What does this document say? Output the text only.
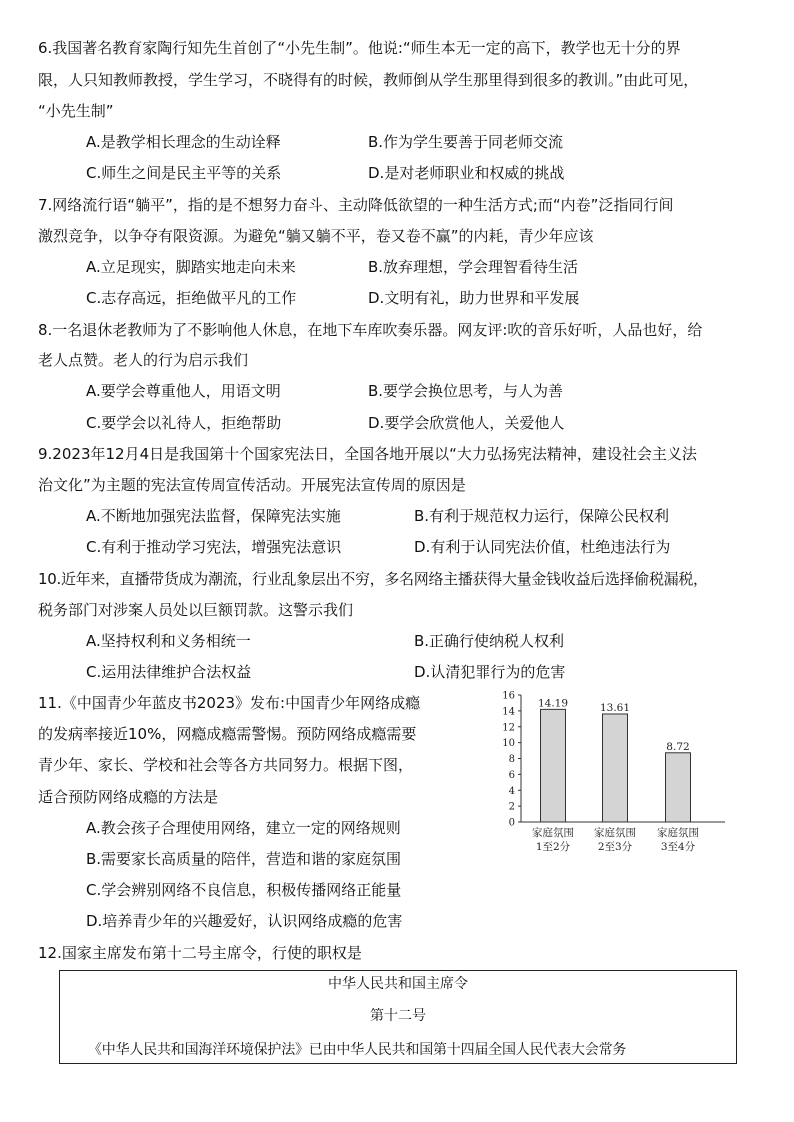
6.我国著名教育家陶行知先生首创了“小先生制”。他说:“师生本无一定的高下，教学也无十分的界
限，人只知教师教授，学生学习，不晓得有的时候，教师倒从学生那里得到很多的教训。”由此可见，
“小先生制”
A.是教学相长理念的生动诠释	B.作为学生要善于同老师交流
C.师生之间是民主平等的关系	D.是对老师职业和权威的挑战
7.网络流行语“躺平”，指的是不想努力奋斗、主动降低欲望的一种生活方式;而“内卷”泛指同行间
激烈竞争，以争夺有限资源。为避免“躺又躺不平，卷又卷不赢”的内耗，青少年应该
A.立足现实，脚踏实地走向未来	B.放弃理想，学会理智看待生活
C.志存高远，拒绝做平凡的工作	D.文明有礼，助力世界和平发展
8.一名退休老教师为了不影响他人休息，在地下车库吹奏乐器。网友评:吹的音乐好听，人品也好，给
老人点赞。老人的行为启示我们
A.要学会尊重他人，用语文明	B.要学会换位思考，与人为善
C.要学会以礼待人，拒绝帮助	D.要学会欣赏他人，关爱他人
9.2023年12月4日是我国第十个国家宪法日，全国各地开展以“大力弘扬宪法精神，建设社会主义法
治文化”为主题的宪法宣传周宣传活动。开展宪法宣传周的原因是
A.不断地加强宪法监督，保障宪法实施	B.有利于规范权力运行，保障公民权利
C.有利于推动学习宪法，增强宪法意识	D.有利于认同宪法价值，杜绝违法行为
10.近年来，直播带货成为潮流，行业乱象层出不穷，多名网络主播获得大量金钱收益后选择偷税漏税，
税务部门对涉案人员处以巨额罚款。这警示我们
A.坚持权利和义务相统一	B.正确行使纳税人权利
C.运用法律维护合法权益	D.认清犯罪行为的危害
11.《中国青少年蓝皮书2023》发布:中国青少年网络成瘾
的发病率接近10%，网瘾成瘾需警惕。预防网络成瘾需要
青少年、家长、学校和社会等各方共同努力。根据下图，
适合预防网络成瘾的方法是
A.教会孩子合理使用网络，建立一定的网络规则
B.需要家长高质量的陪伴，营造和谐的家庭氛围
C.学会辨别网络不良信息，积极传播网络正能量
D.培养青少年的兴趣爱好，认识网络成瘾的危害
0
2
4
6
8
10
12
14
16
14.19
家庭氛围
1至2分
13.61
家庭氛围
2至3分
8.72
家庭氛围
3至4分
12.国家主席发布第十二号主席令，行使的职权是
中华人民共和国主席令
第十二号
《中华人民共和国海洋环境保护法》已由中华人民共和国第十四届全国人民代表大会常务
